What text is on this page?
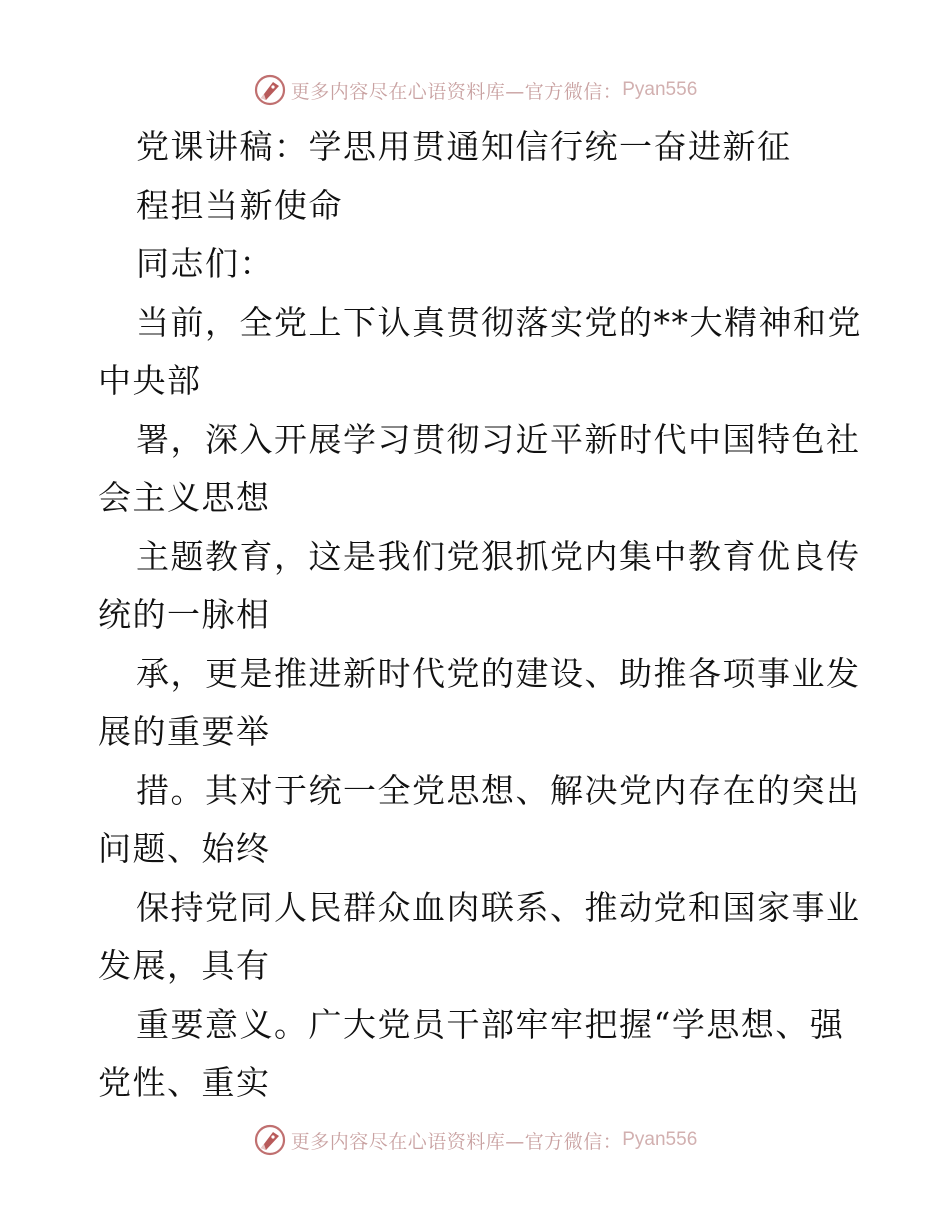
更多内容尽在心语资料库—官方微信： Pyan556
党课讲稿：学思用贯通知信行统一奋进新征
程担当新使命
同志们：
当前，全党上下认真贯彻落实党的**大精神和党
中央部
署，深入开展学习贯彻习近平新时代中国特色社
会主义思想
主题教育，这是我们党狠抓党内集中教育优良传
统的一脉相
承，更是推进新时代党的建设、助推各项事业发
展的重要举
措。其对于统一全党思想、解决党内存在的突出
问题、始终
保持党同人民群众血肉联系、推动党和国家事业
发展，具有
重要意义。广大党员干部牢牢把握“学思想、强
党性、重实
更多内容尽在心语资料库—官方微信： Pyan556
